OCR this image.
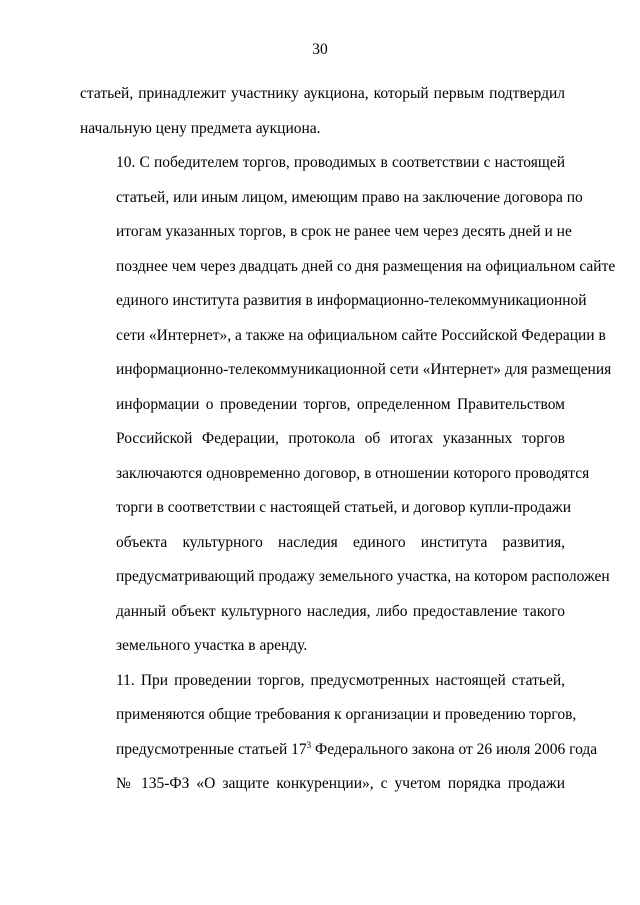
30
статьей, принадлежит участнику аукциона, который первым подтвердил
начальную цену предмета аукциона.
10. С победителем торгов, проводимых в соответствии с настоящей
статьей, или иным лицом, имеющим право на заключение договора по
итогам указанных торгов, в срок не ранее чем через десять дней и не
позднее чем через двадцать дней со дня размещения на официальном сайте
единого института развития в информационно-телекоммуникационной
сети «Интернет», а также на официальном сайте Российской Федерации в
информационно-телекоммуникационной сети «Интернет» для размещения
информации о проведении торгов, определенном Правительством
Российской Федерации, протокола об итогах указанных торгов
заключаются одновременно договор, в отношении которого проводятся
торги в соответствии с настоящей статьей, и договор купли-продажи
объекта культурного наследия единого института развития,
предусматривающий продажу земельного участка, на котором расположен
данный объект культурного наследия, либо предоставление такого
земельного участка в аренду.
11. При проведении торгов, предусмотренных настоящей статьей,
применяются общие требования к организации и проведению торгов,
предусмотренные статьей $17^3$ Федерального закона от 26 июля 2006 года
№ 135-ФЗ «О защите конкуренции», с учетом порядка продажи
